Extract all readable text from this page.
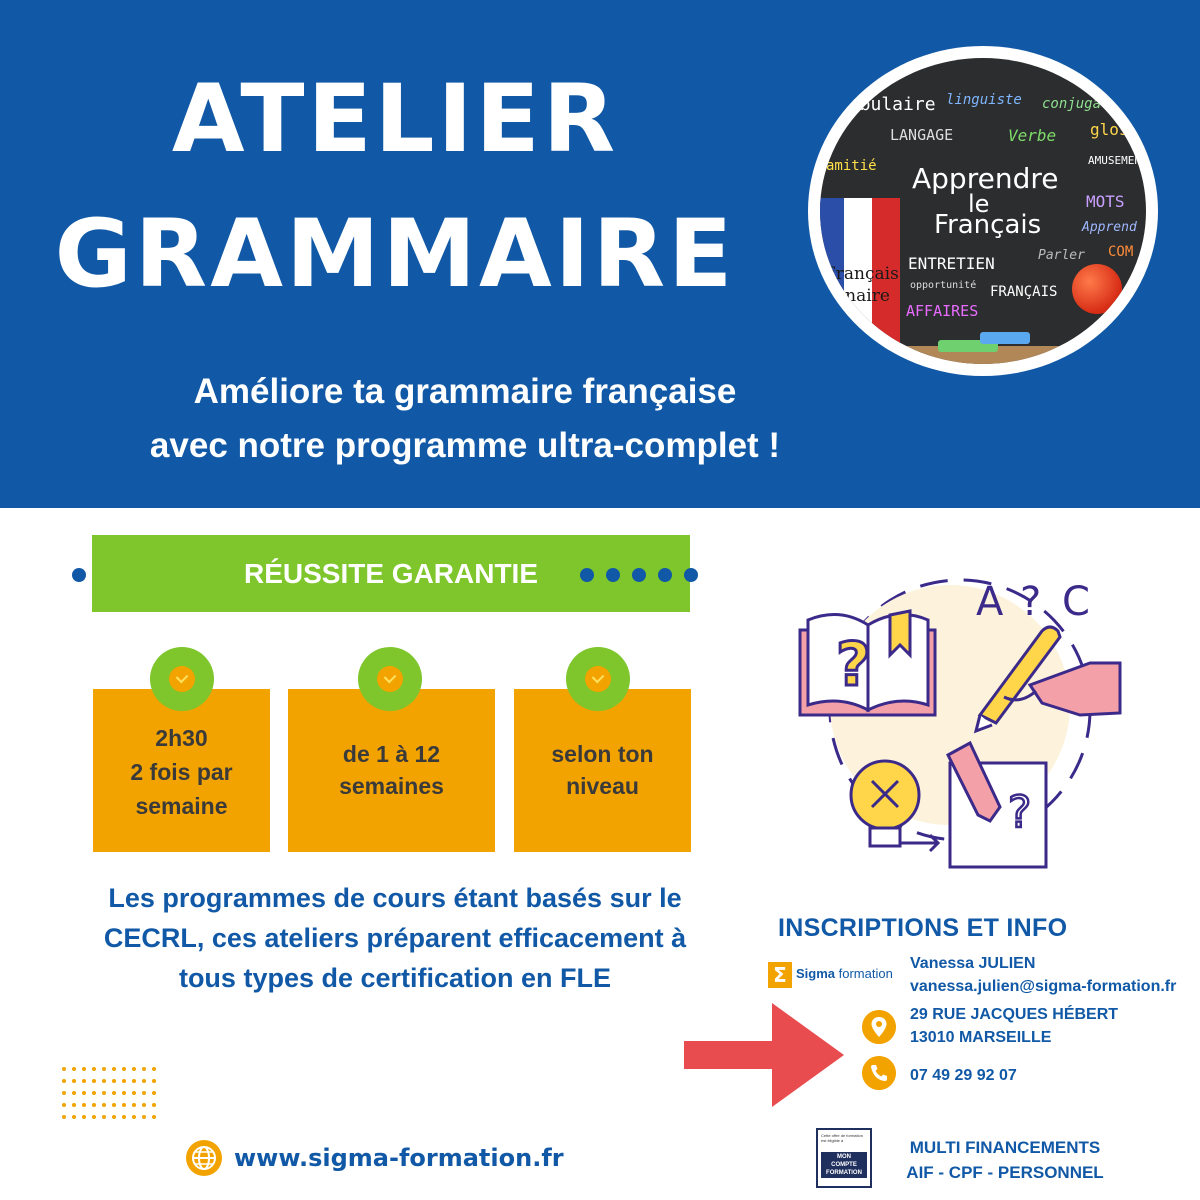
ATELIER
GRAMMAIRE
Améliore ta grammaire française
avec notre programme ultra-complet !
cabulaire linguiste conjuga
LANGAGE	Verbe glos
amitié Apprendre
le
Français
AMUSEMEN
MOTS
Apprend
ENTRETIEN	Parler COM
opportunité FRANÇAIS
AFFAIRES
Français
onnaire
RÉUSSITE GARANTIE
2h30
2 fois par
semaine
de 1 à 12
semaines
selon ton
niveau
?
A ? C
?
Les programmes de cours étant basés sur le
CECRL, ces ateliers préparent efficacement à
tous types de certification en FLE
INSCRIPTIONS ET INFO
Σ Sigma formation
Vanessa JULIEN
vanessa.julien@sigma-formation.fr
29 RUE JACQUES HÉBERT
13010 MARSEILLE
07 49 29 92 07
www.sigma-formation.fr
Cette offre de formation est éligible à
MON
COMPTE
FORMATION
MULTI FINANCEMENTS
AIF - CPF - PERSONNEL
